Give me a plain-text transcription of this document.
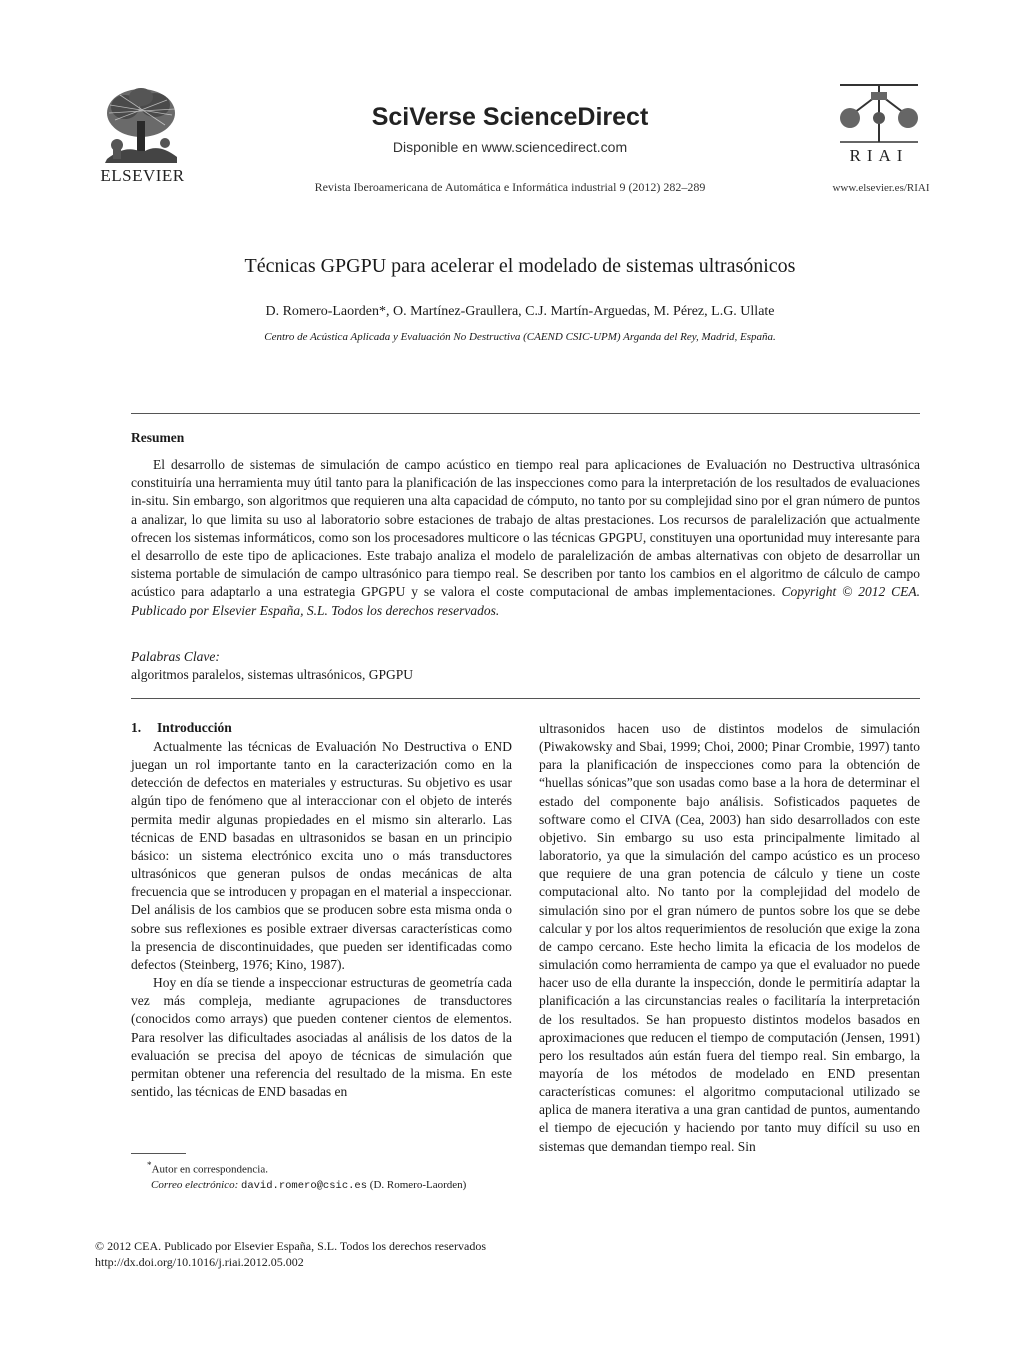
ELSEVIER
SciVerse ScienceDirect
Disponible en www.sciencedirect.com
Revista Iberoamericana de Automática e Informática industrial 9 (2012) 282–289
RIAI
www.elsevier.es/RIAI
Técnicas GPGPU para acelerar el modelado de sistemas ultrasónicos
D. Romero-Laorden*, O. Martínez-Graullera, C.J. Martín-Arguedas, M. Pérez, L.G. Ullate
Centro de Acústica Aplicada y Evaluación No Destructiva (CAEND CSIC-UPM) Arganda del Rey, Madrid, España.
Resumen
El desarrollo de sistemas de simulación de campo acústico en tiempo real para aplicaciones de Evaluación no Destructiva ultrasónica constituiría una herramienta muy útil tanto para la planificación de las inspecciones como para la interpretación de los resultados de evaluaciones in-situ. Sin embargo, son algoritmos que requieren una alta capacidad de cómputo, no tanto por su complejidad sino por el gran número de puntos a analizar, lo que limita su uso al laboratorio sobre estaciones de trabajo de altas prestaciones. Los recursos de paralelización que actualmente ofrecen los sistemas informáticos, como son los procesadores multicore o las técnicas GPGPU, constituyen una oportunidad muy interesante para el desarrollo de este tipo de aplicaciones. Este trabajo analiza el modelo de paralelización de ambas alternativas con objeto de desarrollar un sistema portable de simulación de campo ultrasónico para tiempo real. Se describen por tanto los cambios en el algoritmo de cálculo de campo acústico para adaptarlo a una estrategia GPGPU y se valora el coste computacional de ambas implementaciones. Copyright © 2012 CEA. Publicado por Elsevier España, S.L. Todos los derechos reservados.
Palabras Clave:
algoritmos paralelos, sistemas ultrasónicos, GPGPU
1. Introducción

Actualmente las técnicas de Evaluación No Destructiva o END juegan un rol importante tanto en la caracterización como en la detección de defectos en materiales y estructuras. Su objetivo es usar algún tipo de fenómeno que al interaccionar con el objeto de interés permita medir algunas propiedades en el mismo sin alterarlo. Las técnicas de END basadas en ultrasonidos se basan en un principio básico: un sistema electrónico excita uno o más transductores ultrasónicos que generan pulsos de ondas mecánicas de alta frecuencia que se introducen y propagan en el material a inspeccionar. Del análisis de los cambios que se producen sobre esta misma onda o sobre sus reflexiones es posible extraer diversas características como la presencia de discontinuidades, que pueden ser identificadas como defectos (Steinberg, 1976; Kino, 1987).

Hoy en día se tiende a inspeccionar estructuras de geometría cada vez más compleja, mediante agrupaciones de transductores (conocidos como arrays) que pueden contener cientos de elementos. Para resolver las dificultades asociadas al análisis de los datos de la evaluación se precisa del apoyo de técnicas de simulación que permitan obtener una referencia del resultado de la misma. En este sentido, las técnicas de END basadas en

ultrasonidos hacen uso de distintos modelos de simulación (Piwakowsky and Sbai, 1999; Choi, 2000; Pinar Crombie, 1997) tanto para la planificación de inspecciones como para la obtención de “huellas sónicas”que son usadas como base a la hora de determinar el estado del componente bajo análisis. Sofisticados paquetes de software como el CIVA (Cea, 2003) han sido desarrollados con este objetivo. Sin embargo su uso esta principalmente limitado al laboratorio, ya que la simulación del campo acústico es un proceso que requiere de una gran potencia de cálculo y tiene un coste computacional alto. No tanto por la complejidad del modelo de simulación sino por el gran número de puntos sobre los que se debe calcular y por los altos requerimientos de resolución que exige la zona de campo cercano. Este hecho limita la eficacia de los modelos de simulación como herramienta de campo ya que el evaluador no puede hacer uso de ella durante la inspección, donde le permitiría adaptar la planificación a las circunstancias reales o facilitaría la interpretación de los resultados. Se han propuesto distintos modelos basados en aproximaciones que reducen el tiempo de computación (Jensen, 1991) pero los resultados aún están fuera del tiempo real. Sin embargo, la mayoría de los métodos de modelado en END presentan características comunes: el algoritmo computacional utilizado se aplica de manera iterativa a una gran cantidad de puntos, aumentando el tiempo de ejecución y haciendo por tanto muy difícil su uso en sistemas que demandan tiempo real. Sin

*Autor en correspondencia.
Correo electrónico: david.romero@csic.es (D. Romero-Laorden)
© 2012 CEA. Publicado por Elsevier España, S.L. Todos los derechos reservados
http://dx.doi.org/10.1016/j.riai.2012.05.002
